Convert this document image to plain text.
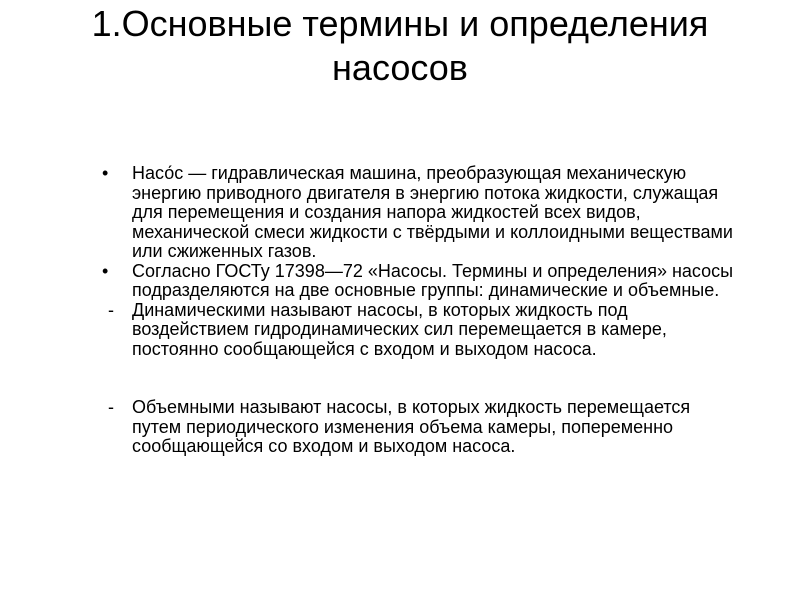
1.Основные термины и определения
насосов
•	Насо́с — гидравлическая машина, преобразующая механическую энергию приводного двигателя в энергию потока жидкости, служащая для перемещения и создания напора жидкостей всех видов, механической смеси жидкости с твёрдыми и коллоидными веществами или сжиженных газов.
•	Согласно ГОСТу 17398—72 «Насосы. Термины и определения» насосы подразделяются на две основные группы: динамические и объемные.
-	Динамическими называют насосы, в которых жидкость под воздействием гидродинамических сил перемещается в камере, постоянно сообщающейся с входом и выходом насоса.
-	Объемными называют насосы, в которых жидкость перемещается путем периодического изменения объема камеры, попеременно сообщающейся со входом и выходом насоса.
